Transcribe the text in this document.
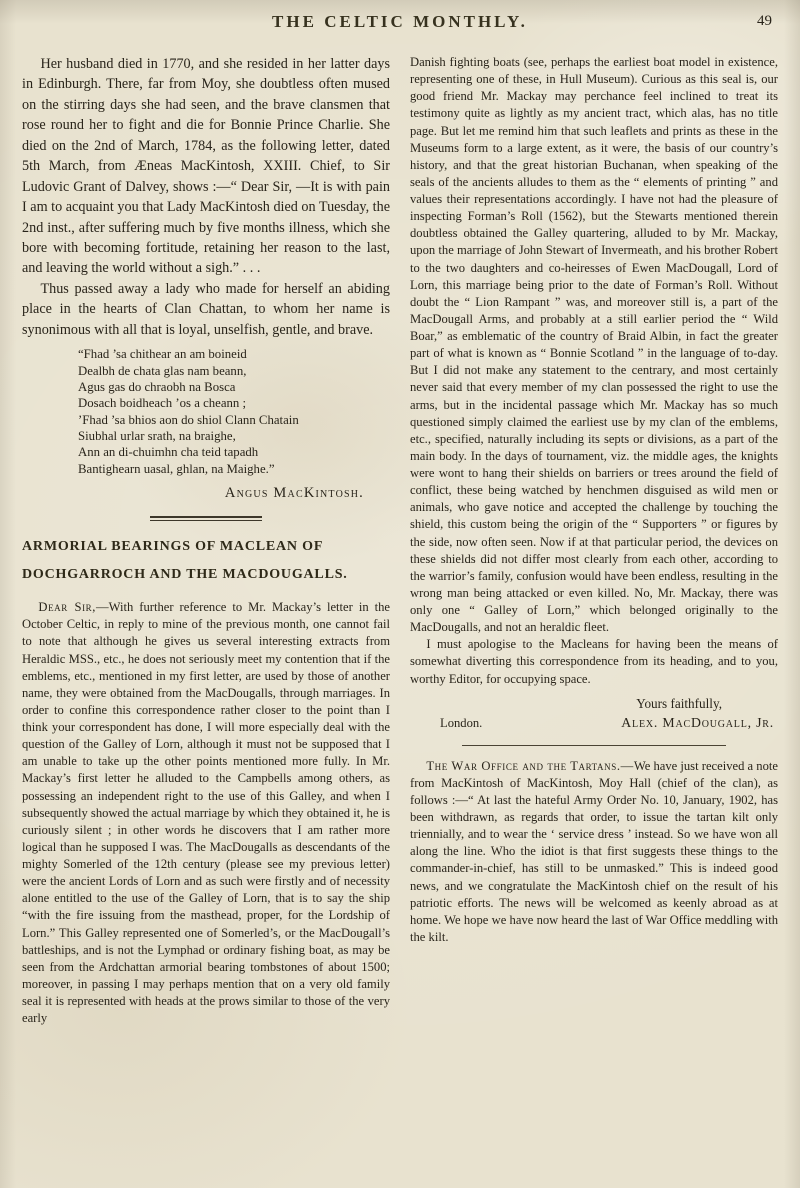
THE CELTIC MONTHLY.	49

Her husband died in 1770, and she resided in her latter days in Edinburgh. There, far from Moy, she doubtless often mused on the stirring days she had seen, and the brave clansmen that rose round her to fight and die for Bonnie Prince Charlie. She died on the 2nd of March, 1784, as the following letter, dated 5th March, from Æneas MacKintosh, XXIII. Chief, to Sir Ludovic Grant of Dalvey, shows :—“ Dear Sir, —It is with pain I am to acquaint you that Lady MacKintosh died on Tuesday, the 2nd inst., after suffering much by five months illness, which she bore with becoming fortitude, retaining her reason to the last, and leaving the world without a sigh.” . . .

Thus passed away a lady who made for herself an abiding place in the hearts of Clan Chattan, to whom her name is synonimous with all that is loyal, unselfish, gentle, and brave.

“Fhad ’sa chithear an am boineid
Dealbh de chata glas nam beann,
Agus gas do chraobh na Bosca
Dosach boidheach ’os a cheann ;
’Fhad ’sa bhios aon do shiol Clann Chatain
Siubhal urlar srath, na braighe,
Ann an di-chuimhn cha teid tapadh
Bantighearn uasal, ghlan, na Maighe.”
Angus MacKintosh.
ARMORIAL BEARINGS OF MACLEAN OF
DOCHGARROCH AND THE MACDOUGALLS.

Dear Sir,—With further reference to Mr. Mackay’s letter in the October Celtic, in reply to mine of the previous month, one cannot fail to note that although he gives us several interesting extracts from Heraldic MSS., etc., he does not seriously meet my contention that if the emblems, etc., mentioned in my first letter, are used by those of another name, they were obtained from the MacDougalls, through marriages. In order to confine this correspondence rather closer to the point than I think your correspondent has done, I will more especially deal with the question of the Galley of Lorn, although it must not be supposed that I am unable to take up the other points mentioned more fully. In Mr. Mackay’s first letter he alluded to the Campbells among others, as possessing an independent right to the use of this Galley, and when I subsequently showed the actual marriage by which they obtained it, he is curiously silent ; in other words he discovers that I am rather more logical than he supposed I was. The MacDougalls as descendants of the mighty Somerled of the 12th century (please see my previous letter) were the ancient Lords of Lorn and as such were firstly and of necessity alone entitled to the use of the Galley of Lorn, that is to say the ship “with the fire issuing from the masthead, proper, for the Lordship of Lorn.” This Galley represented one of Somerled’s, or the MacDougall’s battleships, and is not the Lymphad or ordinary fishing boat, as may be seen from the Ardchattan armorial bearing tombstones of about 1500; moreover, in passing I may perhaps mention that on a very old family seal it is represented with heads at the prows similar to those of the very early

Danish fighting boats (see, perhaps the earliest boat model in existence, representing one of these, in Hull Museum). Curious as this seal is, our good friend Mr. Mackay may perchance feel inclined to treat its testimony quite as lightly as my ancient tract, which alas, has no title page. But let me remind him that such leaflets and prints as these in the Museums form to a large extent, as it were, the basis of our country’s history, and that the great historian Buchanan, when speaking of the seals of the ancients alludes to them as the “ elements of printing ” and values their representations accordingly. I have not had the pleasure of inspecting Forman’s Roll (1562), but the Stewarts mentioned therein doubtless obtained the Galley quartering, alluded to by Mr. Mackay, upon the marriage of John Stewart of Invermeath, and his brother Robert to the two daughters and co-heiresses of Ewen MacDougall, Lord of Lorn, this marriage being prior to the date of Forman’s Roll. Without doubt the “ Lion Rampant ” was, and moreover still is, a part of the MacDougall Arms, and probably at a still earlier period the “ Wild Boar,” as emblematic of the country of Braid Albin, in fact the greater part of what is known as “ Bonnie Scotland ” in the language of to-day. But I did not make any statement to the centrary, and most certainly never said that every member of my clan possessed the right to use the arms, but in the incidental passage which Mr. Mackay has so much questioned simply claimed the earliest use by my clan of the emblems, etc., specified, naturally including its septs or divisions, as a part of the main body. In the days of tournament, viz. the middle ages, the knights were wont to hang their shields on barriers or trees around the field of conflict, these being watched by henchmen disguised as wild men or animals, who gave notice and accepted the challenge by touching the shield, this custom being the origin of the “ Supporters ” or figures by the side, now often seen. Now if at that particular period, the devices on these shields did not differ most clearly from each other, according to the warrior’s family, confusion would have been endless, resulting in the wrong man being attacked or even killed. No, Mr. Mackay, there was only one “ Galley of Lorn,” which belonged originally to the MacDougalls, and not an heraldic fleet.

I must apologise to the Macleans for having been the means of somewhat diverting this correspondence from its heading, and to you, worthy Editor, for occupying space.

Yours faithfully,
London.	Alex. MacDougall, Jr.

The War Office and the Tartans.—We have just received a note from MacKintosh of MacKintosh, Moy Hall (chief of the clan), as follows :—“ At last the hateful Army Order No. 10, January, 1902, has been withdrawn, as regards that order, to issue the tartan kilt only triennially, and to wear the ‘ service dress ’ instead. So we have won all along the line. Who the idiot is that first suggests these things to the commander-in-chief, has still to be unmasked.” This is indeed good news, and we congratulate the MacKintosh chief on the result of his patriotic efforts. The news will be welcomed as keenly abroad as at home. We hope we have now heard the last of War Office meddling with the kilt.
